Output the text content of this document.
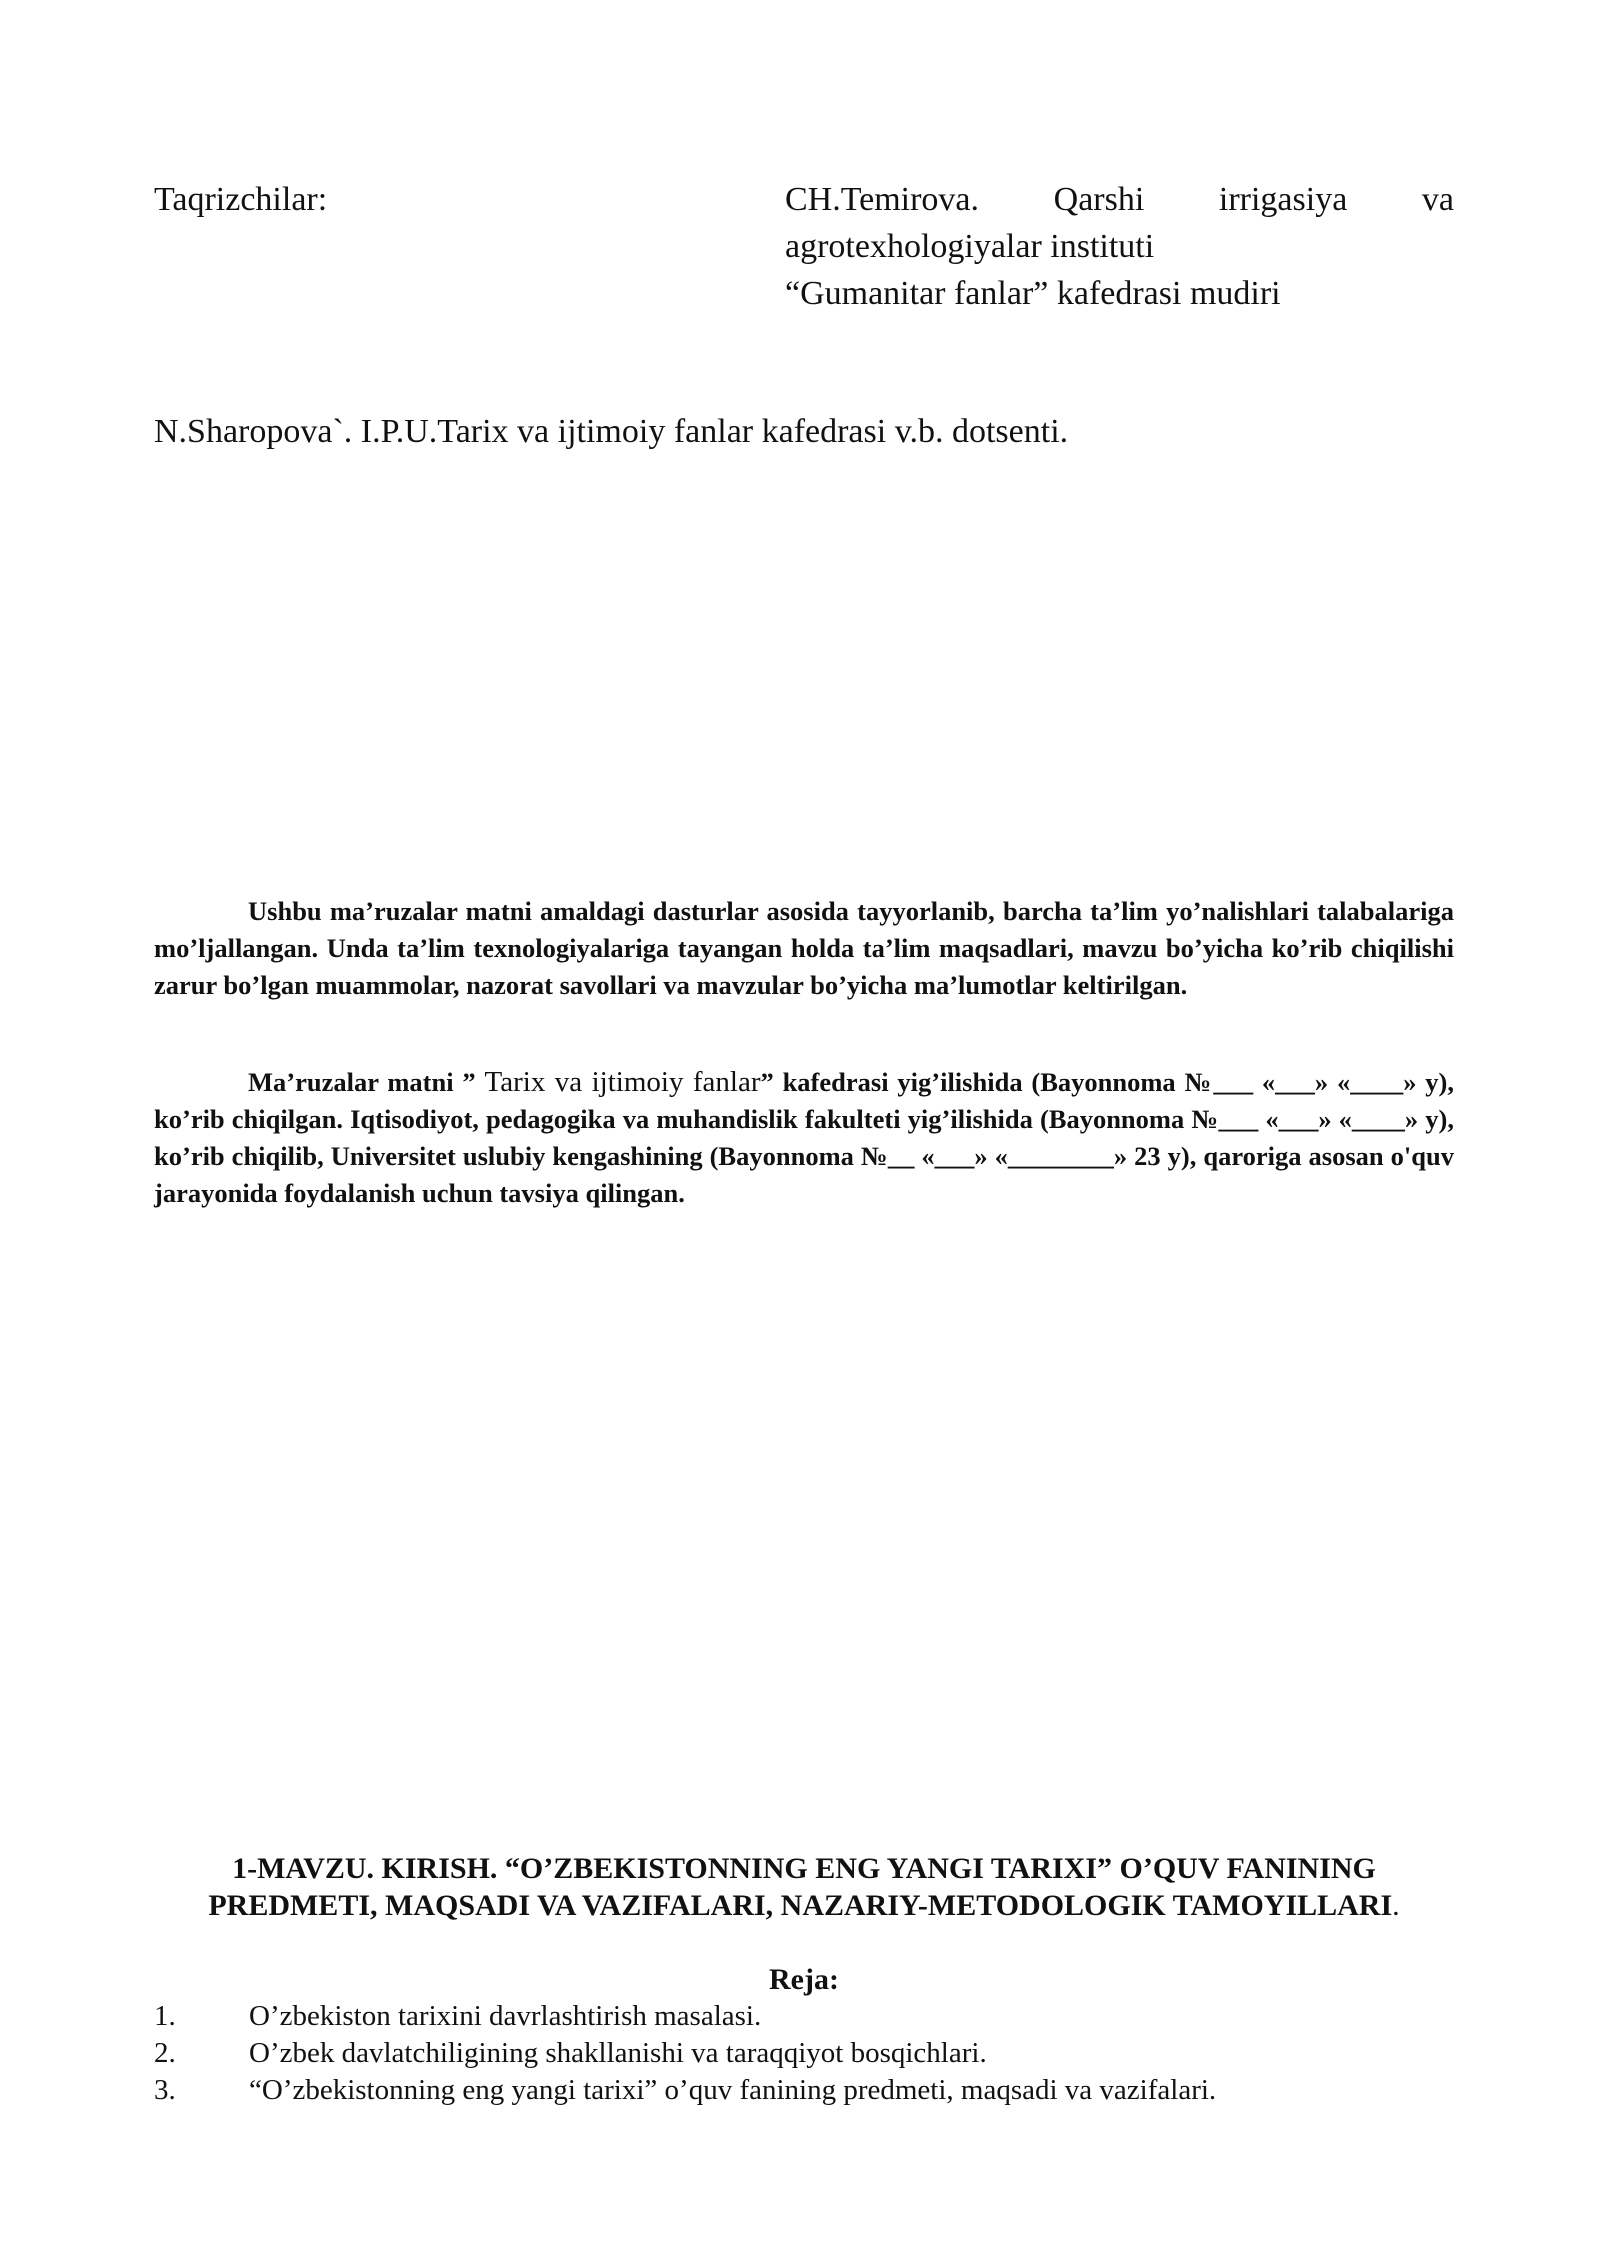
Taqrizchilar:	CH.Temirova. Qarshi irrigasiya va
agrotexhologiyalar instituti
“Gumanitar fanlar” kafedrasi mudiri
N.Sharopova`. I.P.U.Tarix va ijtimoiy fanlar kafedrasi v.b. dotsenti.
Ushbu ma’ruzalar matni amaldagi dasturlar asosida tayyorlanib, barcha ta’lim yo’nalishlari talabalariga mo’ljallangan. Unda ta’lim texnologiyalariga tayangan holda ta’lim maqsadlari, mavzu bo’yicha ko’rib chiqilishi zarur bo’lgan muammolar, nazorat savollari va mavzular bo’yicha ma’lumotlar keltirilgan.
Ma’ruzalar matni ” Tarix va ijtimoiy fanlar” kafedrasi yig’ilishida (Bayonnoma №___ «___» «____» y), ko’rib chiqilgan. Iqtisodiyot, pedagogika va muhandislik fakulteti yig’ilishida (Bayonnoma №___ «___» «____» y), ko’rib chiqilib, Universitet uslubiy kengashining (Bayonnoma №__ «___» «________» 23 y), qaroriga asosan o'quv jarayonida foydalanish uchun tavsiya qilingan.
1-MAVZU. KIRISH. “O’ZBEKISTONNING ENG YANGI TARIXI” O’QUV FANINING PREDMETI, MAQSADI VA VAZIFALARI, NAZARIY-METODOLOGIK TAMOYILLARI.
Reja:
1.	O’zbekiston tarixini davrlashtirish masalasi.
2.	O’zbek davlatchiligining shakllanishi va taraqqiyot bosqichlari.
3.	“O’zbekistonning eng yangi tarixi” o’quv fanining predmeti, maqsadi va vazifalari.
